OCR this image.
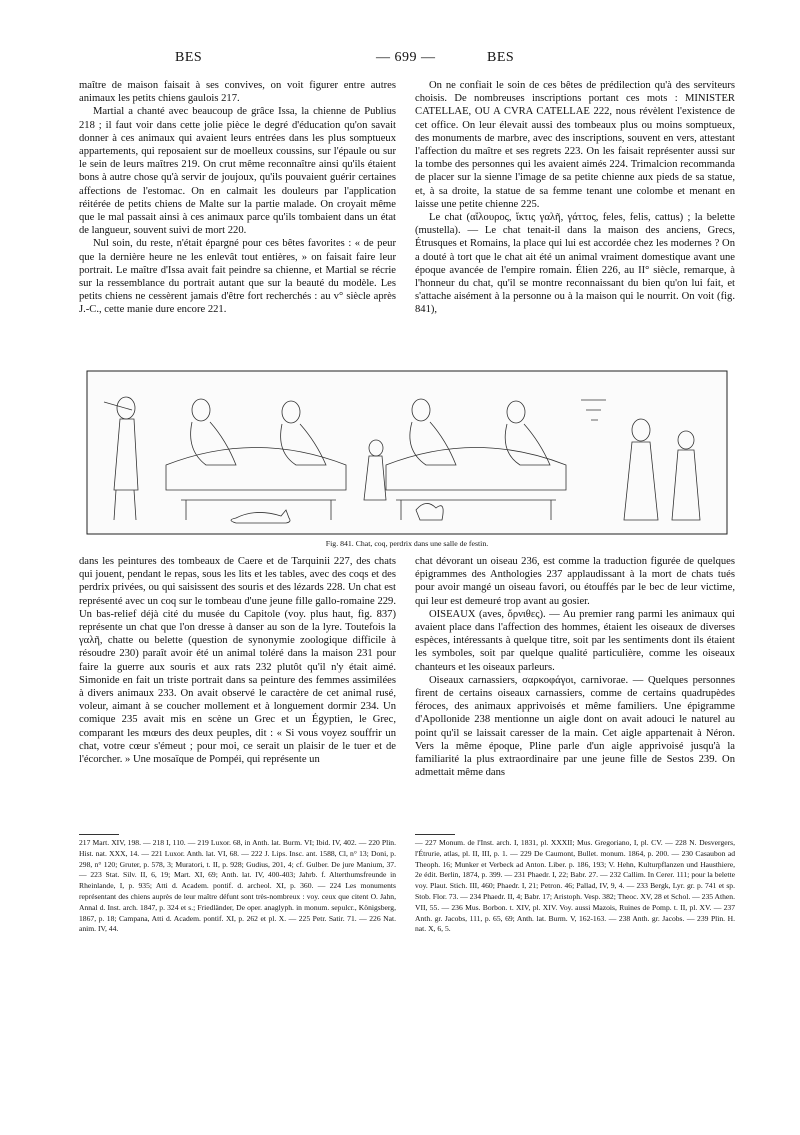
BES	— 699 —	BES

maître de maison faisait à ses convives, on voit figurer entre autres animaux les petits chiens gaulois 217.

Martial a chanté avec beaucoup de grâce Issa, la chienne de Publius 218 ; il faut voir dans cette jolie pièce le degré d'éducation qu'on savait donner à ces animaux qui avaient leurs entrées dans les plus somptueux appartements, qui reposaient sur de moelleux coussins, sur l'épaule ou sur le sein de leurs maîtres 219. On crut même reconnaître ainsi qu'ils étaient bons à autre chose qu'à servir de joujoux, qu'ils pouvaient guérir certaines affections de l'estomac. On en calmait les douleurs par l'application réitérée de petits chiens de Malte sur la partie malade. On croyait même que le mal passait ainsi à ces animaux parce qu'ils tombaient dans un état de langueur, souvent suivi de mort 220.

Nul soin, du reste, n'était épargné pour ces bêtes favorites : « de peur que la dernière heure ne les enlevât tout entières, » on faisait faire leur portrait. Le maître d'Issa avait fait peindre sa chienne, et Martial se récrie sur la ressemblance du portrait autant que sur la beauté du modèle. Les petits chiens ne cessèrent jamais d'être fort recherchés : au v° siècle après J.-C., cette manie dure encore 221.

On ne confiait le soin de ces bêtes de prédilection qu'à des serviteurs choisis. De nombreuses inscriptions portant ces mots : MINISTER CATELLAE, OU A CVRA CATELLAE 222, nous révèlent l'existence de cet office. On leur élevait aussi des tombeaux plus ou moins somptueux, des monuments de marbre, avec des inscriptions, souvent en vers, attestant l'affection du maître et ses regrets 223. On les faisait représenter aussi sur la tombe des personnes qui les avaient aimés 224. Trimalcion recommanda de placer sur la sienne l'image de sa petite chienne aux pieds de sa statue, et, à sa droite, la statue de sa femme tenant une colombe et menant en laisse une petite chienne 225.

Le chat (αἴλουρος, ἴκτις γαλῆ, γάττος, feles, felis, cattus) ; la belette (mustella). — Le chat tenait-il dans la maison des anciens, Grecs, Étrusques et Romains, la place qui lui est accordée chez les modernes ? On a douté à tort que le chat ait été un animal vraiment domestique avant une époque avancée de l'empire romain. Élien 226, au II° siècle, remarque, à l'honneur du chat, qu'il se montre reconnaissant du bien qu'on lui fait, et s'attache aisément à la personne ou à la maison qui le nourrit. On voit (fig. 841),

Fig. 841. Chat, coq, perdrix dans une salle de festin.

dans les peintures des tombeaux de Caere et de Tarquinii 227, des chats qui jouent, pendant le repas, sous les lits et les tables, avec des coqs et des perdrix privées, ou qui saisissent des souris et des lézards 228. Un chat est représenté avec un coq sur le tombeau d'une jeune fille gallo-romaine 229. Un bas-relief déjà cité du musée du Capitole (voy. plus haut, fig. 837) représente un chat que l'on dresse à danser au son de la lyre. Toutefois la γαλῆ, chatte ou belette (question de synonymie zoologique difficile à résoudre 230) paraît avoir été un animal toléré dans la maison 231 pour faire la guerre aux souris et aux rats 232 plutôt qu'il n'y était aimé. Simonide en fait un triste portrait dans sa peinture des femmes assimilées à divers animaux 233. On avait observé le caractère de cet animal rusé, voleur, aimant à se coucher mollement et à longuement dormir 234. Un comique 235 avait mis en scène un Grec et un Égyptien, le Grec, comparant les mœurs des deux peuples, dit : « Si vous voyez souffrir un chat, votre cœur s'émeut ; pour moi, ce serait un plaisir de le tuer et de l'écorcher. » Une mosaïque de Pompéi, qui représente un

chat dévorant un oiseau 236, est comme la traduction figurée de quelques épigrammes des Anthologies 237 applaudissant à la mort de chats tués pour avoir mangé un oiseau favori, ou étouffés par le bec de leur victime, qui leur est demeuré trop avant au gosier.

OISEAUX (aves, ὄρνιθες). — Au premier rang parmi les animaux qui avaient place dans l'affection des hommes, étaient les oiseaux de diverses espèces, intéressants à quelque titre, soit par les sentiments dont ils étaient les symboles, soit par quelque qualité particulière, comme les oiseaux chanteurs et les oiseaux parleurs.

Oiseaux carnassiers, σαρκοφάγοι, carnivorae. — Quelques personnes firent de certains oiseaux carnassiers, comme de certains quadrupèdes féroces, des animaux apprivoisés et même familiers. Une épigramme d'Apollonide 238 mentionne un aigle dont on avait adouci le naturel au point qu'il se laissait caresser de la main. Cet aigle appartenait à Néron. Vers la même époque, Pline parle d'un aigle apprivoisé jusqu'à la familiarité la plus extraordinaire par une jeune fille de Sestos 239. On admettait même dans

217 Mart. XIV, 198. — 218 I, 110. — 219 Luxor. 68, in Anth. lat. Burm. VI; Ibid. IV, 402. — 220 Plin. Hist. nat. XXX, 14. — 221 Luxor. Anth. lat. VI, 68. — 222 J. Lips. Insc. ant. 1588, Cl, n° 13; Doni, p. 298, n° 120; Gruter, p. 578, 3; Muratori, t. II, p. 928; Gudius, 201, 4; cf. Gulber. De jure Manium, 37. — 223 Stat. Silv. II, 6, 19; Mart. XI, 69; Anth. lat. IV, 400-403; Jahrb. f. Alterthumsfreunde in Rheinlande, I, p. 935; Atti d. Academ. pontif. d. archeol. XI, p. 360. — 224 Les monuments représentant des chiens auprès de leur maître défunt sont très-nombreux : voy. ceux que citent O. Jahn, Annal d. Inst. arch. 1847, p. 324 et s.; Friedländer, De oper. anaglyph. in monum. sepulcr., Königsberg, 1867, p. 18; Campana, Atti d. Academ. pontif. XI, p. 262 et pl. X. — 225 Petr. Satir. 71. — 226 Nat. anim. IV, 44.
— 227 Monum. de l'Inst. arch. I, 1831, pl. XXXII; Mus. Gregoriano, I, pl. CV. — 228 N. Desvergers, l'Étrurie, atlas, pl. II, III, p. 1. — 229 De Caumont, Bullet. monum. 1864, p. 200. — 230 Casaubon ad Theoph. 16; Munker et Verbeck ad Anton. Liber. p. 186, 193; V. Hehn, Kulturpflanzen und Hausthiere, 2e édit. Berlin, 1874, p. 399. — 231 Phaedr. I, 22; Babr. 27. — 232 Callim. In Cerer. 111; pour la belette voy. Plaut. Stich. III, 460; Phaedr. I, 21; Petron. 46; Pallad, IV, 9, 4. — 233 Bergk, Lyr. gr. p. 741 et sp. Stob. Flor. 73. — 234 Phaedr. II, 4; Babr. 17; Aristoph. Vesp. 382; Theoc. XV, 28 et Schol. — 235 Athen. VII, 55. — 236 Mus. Borbon. t. XIV, pl. XIV. Voy. aussi Mazois, Ruines de Pomp. t. II, pl. XV. — 237 Anth. gr. Jacobs, 111, p. 65, 69; Anth. lat. Burm. V, 162-163. — 238 Anth. gr. Jacobs. — 239 Plin. H. nat. X, 6, 5.
